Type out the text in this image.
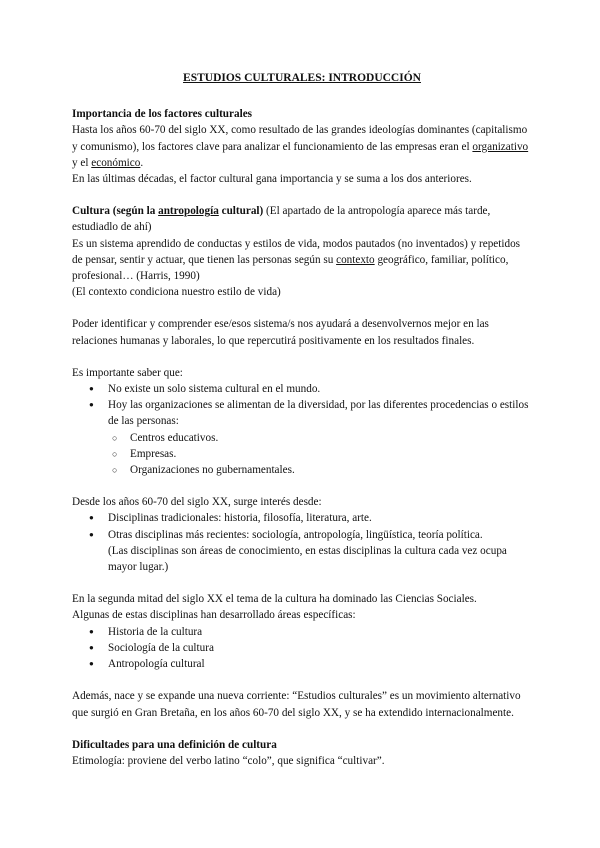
ESTUDIOS CULTURALES: INTRODUCCIÓN

Importancia de los factores culturales

Hasta los años 60-70 del siglo XX, como resultado de las grandes ideologías dominantes (capitalismo y comunismo), los factores clave para analizar el funcionamiento de las empresas eran el organizativo y el económico.

En las últimas décadas, el factor cultural gana importancia y se suma a los dos anteriores.

Cultura (según la antropología cultural) (El apartado de la antropología aparece más tarde, estudiadlo de ahí)

Es un sistema aprendido de conductas y estilos de vida, modos pautados (no inventados) y repetidos de pensar, sentir y actuar, que tienen las personas según su contexto geográfico, familiar, político, profesional… (Harris, 1990)

(El contexto condiciona nuestro estilo de vida)

Poder identificar y comprender ese/esos sistema/s nos ayudará a desenvolvernos mejor en las relaciones humanas y laborales, lo que repercutirá positivamente en los resultados finales.

Es importante saber que:

● No existe un solo sistema cultural en el mundo.
● Hoy las organizaciones se alimentan de la diversidad, por las diferentes procedencias o estilos de las personas:
○ Centros educativos.
○ Empresas.
○ Organizaciones no gubernamentales.

Desde los años 60-70 del siglo XX, surge interés desde:

● Disciplinas tradicionales: historia, filosofía, literatura, arte.
● Otras disciplinas más recientes: sociología, antropología, lingüística, teoría política.
(Las disciplinas son áreas de conocimiento, en estas disciplinas la cultura cada vez ocupa mayor lugar.)

En la segunda mitad del siglo XX el tema de la cultura ha dominado las Ciencias Sociales.

Algunas de estas disciplinas han desarrollado áreas específicas:

● Historia de la cultura
● Sociología de la cultura
● Antropología cultural
Además, nace y se expande una nueva corriente: “Estudios culturales” es un movimiento alternativo que surgió en Gran Bretaña, en los años 60-70 del siglo XX, y se ha extendido internacionalmente.

Dificultades para una definición de cultura

Etimología: proviene del verbo latino “colo”, que significa “cultivar”.
